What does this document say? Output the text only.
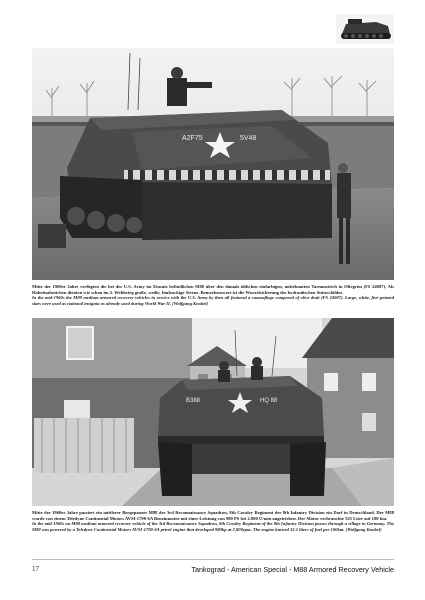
A2F75	5V48
Mitte der 1960er Jahre verfügten die bei der U.S. Army im Einsatz befindlichen M88 über den damals üblichen einfarbigen, mittelmatten Tarnanstrich in Olivgrün (FS 24087). Als Hoheitsabzeichen dienten wie schon im 2. Weltkrieg große, weiße, fünfzackige Sterne. Bemerkenswert ist die Wurzelsicherung des hydraulischen Stützschildes.
In the mid-1960s the M88 medium armored recovery vehicles in service with the U.S. Army by then all featured a camouflage composed of olive drab (FS 24087). Large, white, five-pointed stars were used as national insignia as already used during World War II. (Wolfgang Knobel)
B388	HQ 88
Mitte der 1960er Jahre passiert ein mittlerer Bergepanzer M88 der 3rd Reconnaissance Squadron, 8th Cavalry Regiment der 8th Infantry Division ein Dorf in Deutschland. Der M88 wurde von einem Teledyne Continental Motors AVSI-1790-6A Benzinmotor mit einer Leistung von 980 PS bei 2.800 U/min angetrieben. Der Motor verbrauchte 525 Liter auf 100 km.
In the mid-1960s an M88 medium armored recovery vehicle of the 3rd Reconnaissance Squadron, 8th Cavalry Regiment of the 8th Infantry Division passes through a village in Germany. The M88 was powered by a Teledyne Continental Motors AVSI-1790-6A petrol engine that developed 980hp at 2,800rpm. The engine burned 32.1 liters of fuel per 100km. (Wolfgang Knobel)
17	Tankograd - American Special - M88 Armored Recovery Vehicle
